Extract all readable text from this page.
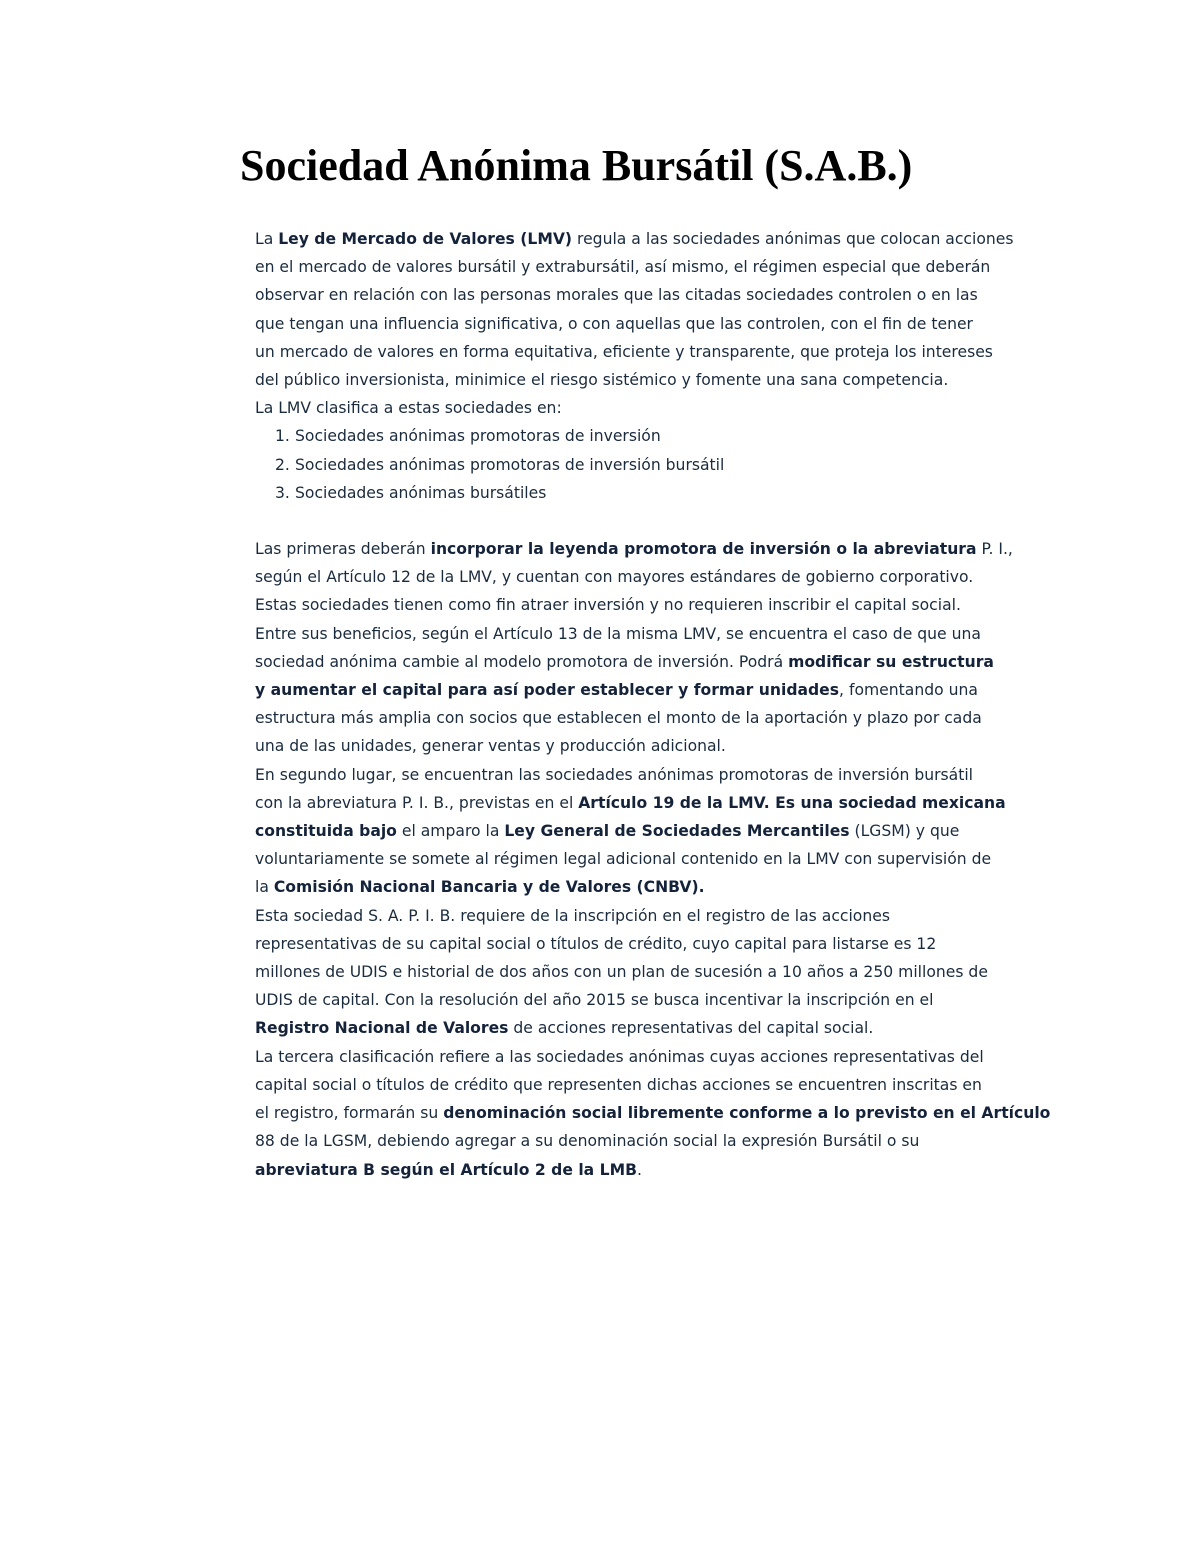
Sociedad Anónima Bursátil (S.A.B.)

La Ley de Mercado de Valores (LMV) regula a las sociedades anónimas que colocan acciones
en el mercado de valores bursátil y extrabursátil, así mismo, el régimen especial que deberán
observar en relación con las personas morales que las citadas sociedades controlen o en las
que tengan una influencia significativa, o con aquellas que las controlen, con el fin de tener
un mercado de valores en forma equitativa, eficiente y transparente, que proteja los intereses
del público inversionista, minimice el riesgo sistémico y fomente una sana competencia.
La LMV clasifica a estas sociedades en:

1. Sociedades anónimas promotoras de inversión
2. Sociedades anónimas promotoras de inversión bursátil
3. Sociedades anónimas bursátiles

Las primeras deberán incorporar la leyenda promotora de inversión o la abreviatura P. I.,
según el Artículo 12 de la LMV, y cuentan con mayores estándares de gobierno corporativo.
Estas sociedades tienen como fin atraer inversión y no requieren inscribir el capital social.
Entre sus beneficios, según el Artículo 13 de la misma LMV, se encuentra el caso de que una
sociedad anónima cambie al modelo promotora de inversión. Podrá modificar su estructura
y aumentar el capital para así poder establecer y formar unidades, fomentando una
estructura más amplia con socios que establecen el monto de la aportación y plazo por cada
una de las unidades, generar ventas y producción adicional.

En segundo lugar, se encuentran las sociedades anónimas promotoras de inversión bursátil
con la abreviatura P. I. B., previstas en el Artículo 19 de la LMV. Es una sociedad mexicana
constituida bajo el amparo la Ley General de Sociedades Mercantiles (LGSM) y que
voluntariamente se somete al régimen legal adicional contenido en la LMV con supervisión de
la Comisión Nacional Bancaria y de Valores (CNBV).

Esta sociedad S. A. P. I. B. requiere de la inscripción en el registro de las acciones
representativas de su capital social o títulos de crédito, cuyo capital para listarse es 12
millones de UDIS e historial de dos años con un plan de sucesión a 10 años a 250 millones de
UDIS de capital. Con la resolución del año 2015 se busca incentivar la inscripción en el
Registro Nacional de Valores de acciones representativas del capital social.

La tercera clasificación refiere a las sociedades anónimas cuyas acciones representativas del
capital social o títulos de crédito que representen dichas acciones se encuentren inscritas en
el registro, formarán su denominación social libremente conforme a lo previsto en el Artículo
88 de la LGSM, debiendo agregar a su denominación social la expresión Bursátil o su
abreviatura B según el Artículo 2 de la LMB.
